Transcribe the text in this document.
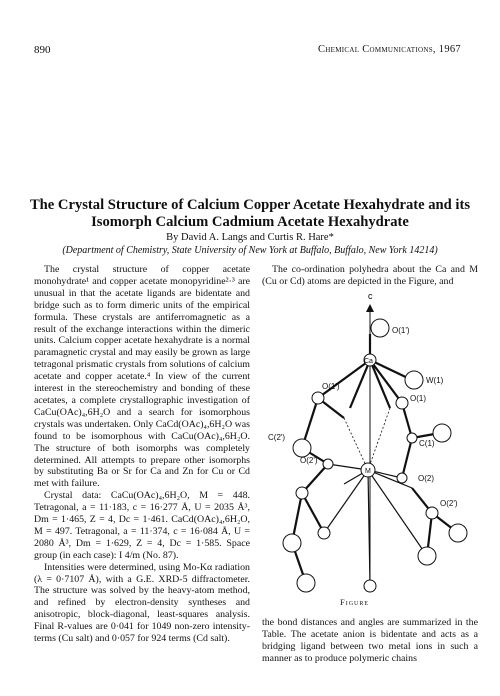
890	Chemical Communications, 1967
The Crystal Structure of Calcium Copper Acetate Hexahydrate and its
Isomorph Calcium Cadmium Acetate Hexahydrate
By David A. Langs and Curtis R. Hare*
(Department of Chemistry, State University of New York at Buffalo, Buffalo, New York 14214)

The crystal structure of copper acetate monohydrate¹ and copper acetate monopyridine²·³ are unusual in that the acetate ligands are bidentate and bridge such as to form dimeric units of the empirical formula. These crystals are antiferromagnetic as a result of the exchange interactions within the dimeric units. Calcium copper acetate hexahydrate is a normal paramagnetic crystal and may easily be grown as large tetragonal prismatic crystals from solutions of calcium acetate and copper acetate.⁴ In view of the current interest in the stereochemistry and bonding of these acetates, a complete crystallographic investigation of CaCu(OAc)₄,6H₂O and a search for isomorphous crystals was undertaken. Only CaCd(OAc)₄,6H₂O was found to be isomorphous with CaCu(OAc)₄,6H₂O. The structure of both isomorphs was completely determined. All attempts to prepare other isomorphs by substituting Ba or Sr for Ca and Zn for Cu or Cd met with failure.

Crystal data: CaCu(OAc)₄,6H₂O, M = 448. Tetragonal, a = 11·183, c = 16·277 Å, U = 2035 Å³, Dm = 1·465, Z = 4, Dc = 1·461. CaCd(OAc)₄,6H₂O, M = 497. Tetragonal, a = 11·374, c = 16·084 Å, U = 2080 Å³, Dm = 1·629, Z = 4, Dc = 1·585. Space group (in each case): I 4/m (No. 87).

Intensities were determined, using Mo-Kα radiation (λ = 0·7107 Å), with a G.E. XRD-5 diffractometer. The structure was solved by the heavy-atom method, and refined by electron-density syntheses and anisotropic, block-diagonal, least-squares analysis. Final R-values are 0·041 for 1049 non-zero intensity-terms (Cu salt) and 0·057 for 924 terms (Cd salt).

The co-ordination polyhedra about the Ca and M (Cu or Cd) atoms are depicted in the Figure, and

c
O(1')
Ca
W(1)
O(1')
O(1)
C(2')
C(1)
O(2')
O(2)
M
O(2')
Figure

the bond distances and angles are summarized in the Table. The acetate anion is bidentate and acts as a bridging ligand between two metal ions in such a manner as to produce polymeric chains
